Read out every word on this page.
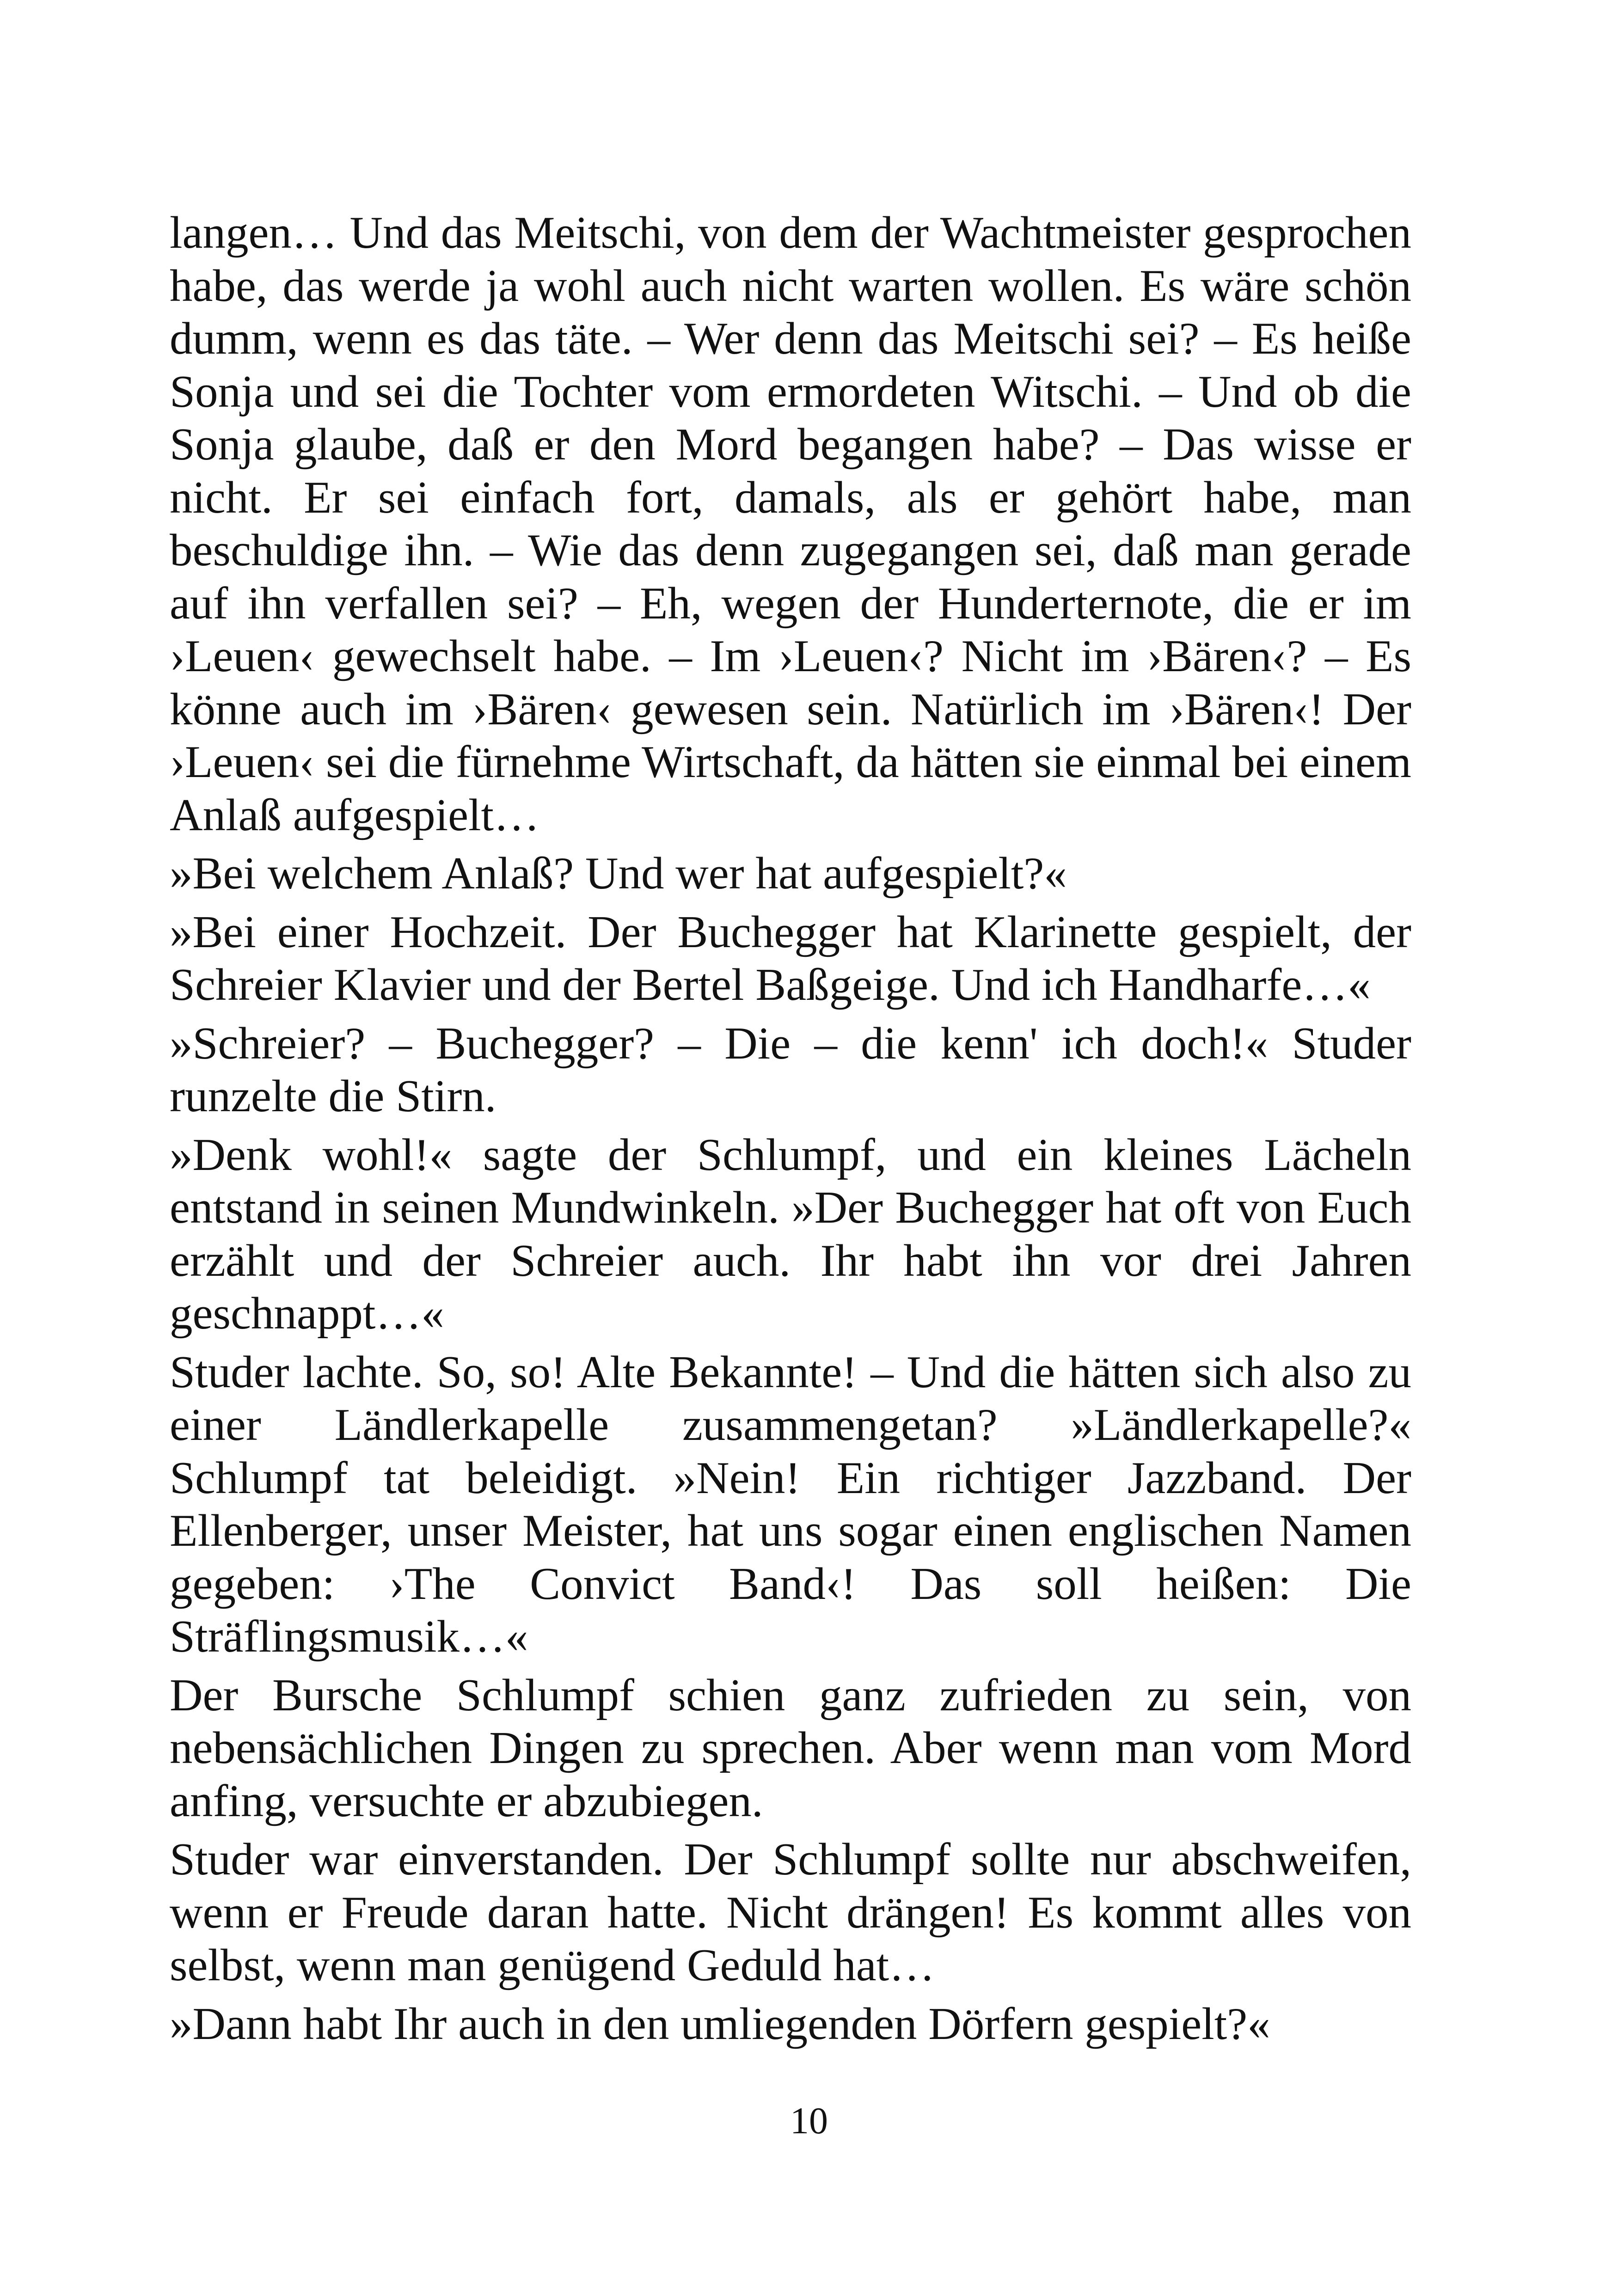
langen… Und das Meitschi, von dem der Wachtmeister gesprochen habe, das werde ja wohl auch nicht warten wollen. Es wäre schön dumm, wenn es das täte. – Wer denn das Meitschi sei? – Es heiße Sonja und sei die Tochter vom ermordeten Witschi. – Und ob die Sonja glaube, daß er den Mord begangen habe? – Das wisse er nicht. Er sei einfach fort, damals, als er gehört habe, man beschuldige ihn. – Wie das denn zugegangen sei, daß man gerade auf ihn verfallen sei? – Eh, wegen der Hunderternote, die er im ›Leuen‹ gewechselt habe. – Im ›Leuen‹? Nicht im ›Bären‹? – Es könne auch im ›Bären‹ gewesen sein. Natürlich im ›Bären‹! Der ›Leuen‹ sei die fürnehme Wirtschaft, da hätten sie einmal bei einem Anlaß aufgespielt…

»Bei welchem Anlaß? Und wer hat aufgespielt?«

»Bei einer Hochzeit. Der Buchegger hat Klarinette gespielt, der Schreier Klavier und der Bertel Baßgeige. Und ich Handharfe…«

»Schreier? – Buchegger? – Die – die kenn' ich doch!« Studer runzelte die Stirn.

»Denk wohl!« sagte der Schlumpf, und ein kleines Lächeln entstand in seinen Mundwinkeln. »Der Buchegger hat oft von Euch erzählt und der Schreier auch. Ihr habt ihn vor drei Jahren geschnappt…«

Studer lachte. So, so! Alte Bekannte! – Und die hätten sich also zu einer Ländlerkapelle zusammengetan? »Ländlerkapelle?« Schlumpf tat beleidigt. »Nein! Ein richtiger Jazzband. Der Ellenberger, unser Meister, hat uns sogar einen englischen Namen gegeben: ›The Convict Band‹! Das soll heißen: Die Sträflingsmusik…«

Der Bursche Schlumpf schien ganz zufrieden zu sein, von nebensächlichen Dingen zu sprechen. Aber wenn man vom Mord anfing, versuchte er abzubiegen.

Studer war einverstanden. Der Schlumpf sollte nur abschweifen, wenn er Freude daran hatte. Nicht drängen! Es kommt alles von selbst, wenn man genügend Geduld hat…

»Dann habt Ihr auch in den umliegenden Dörfern gespielt?«

10
